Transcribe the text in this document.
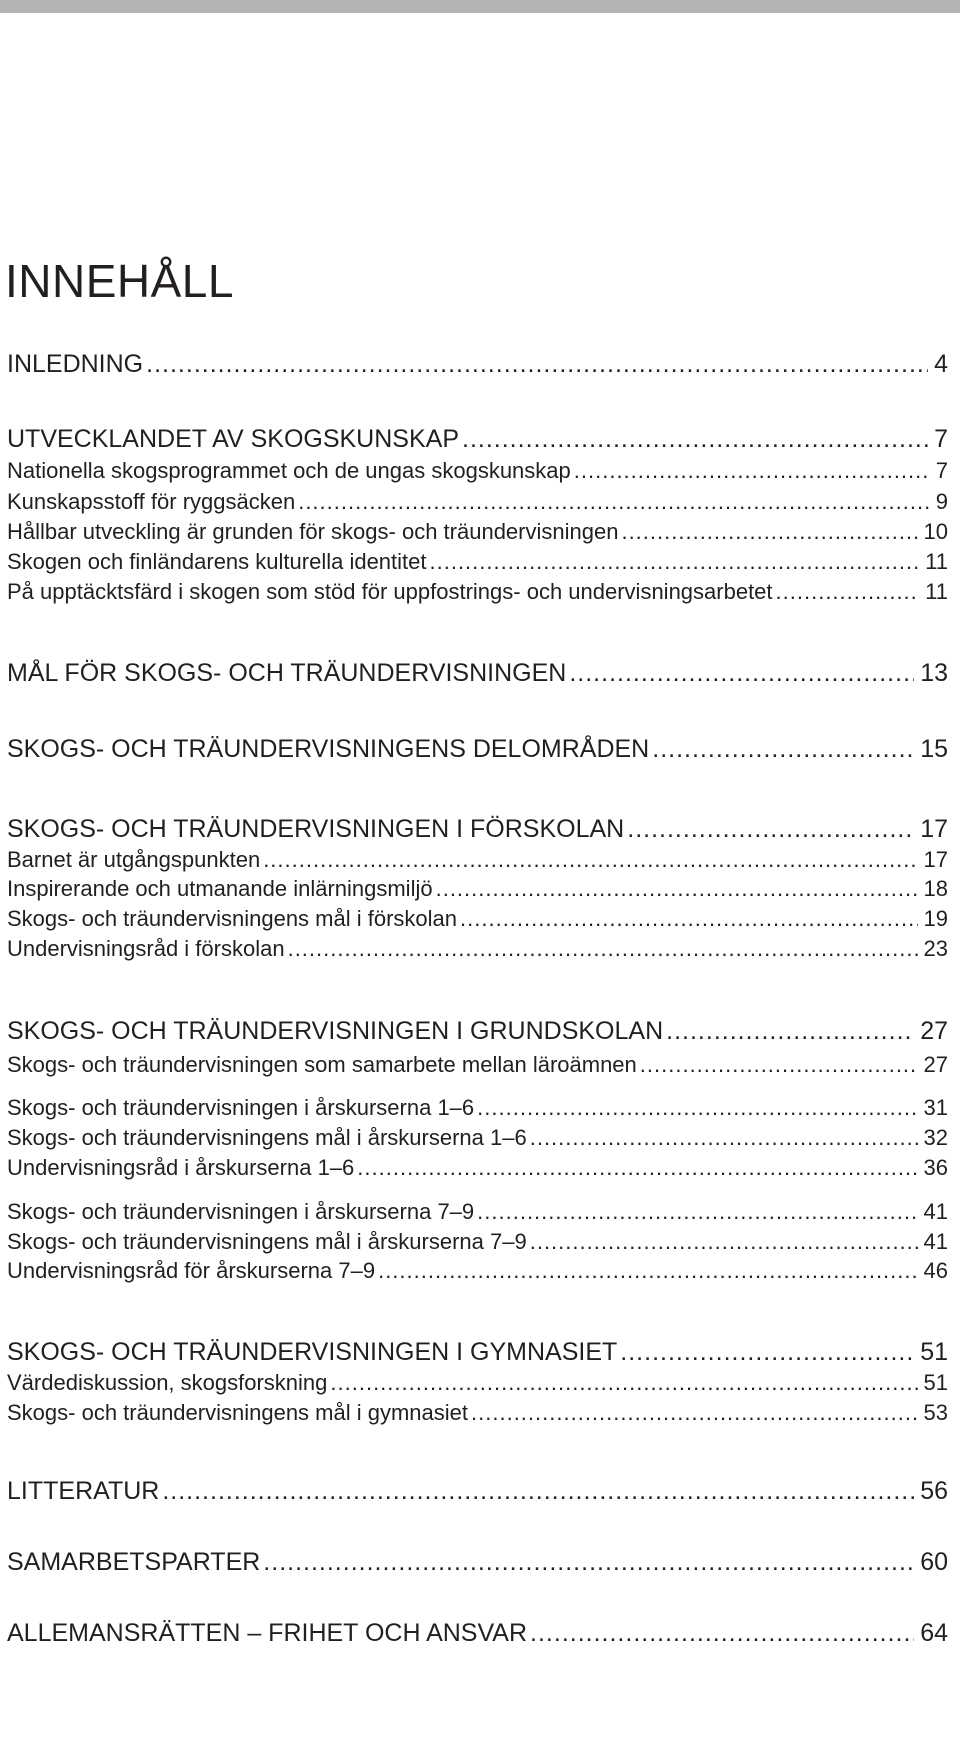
INNEHÅLL
INLEDNING .....	4
UTVECKLANDET AV SKOGSKUNSKAP .....	7
Nationella skogsprogrammet och de ungas skogskunskap .....	7
Kunskapsstoff för ryggsäcken .....	9
Hållbar utveckling är grunden för skogs- och träundervisningen .....	10
Skogen och finländarens kulturella identitet .....	11
På upptäcktsfärd i skogen som stöd för uppfostrings- och undervisningsarbetet .....	11
MÅL FÖR SKOGS- OCH TRÄUNDERVISNINGEN .....	13
SKOGS- OCH TRÄUNDERVISNINGENS DELOMRÅDEN .....	15
SKOGS- OCH TRÄUNDERVISNINGEN I FÖRSKOLAN .....	17
Barnet är utgångspunkten .....	17
Inspirerande och utmanande inlärningsmiljö .....	18
Skogs- och träundervisningens mål i förskolan .....	19
Undervisningsråd i förskolan .....	23
SKOGS- OCH TRÄUNDERVISNINGEN I GRUNDSKOLAN .....	27
Skogs- och träundervisningen som samarbete mellan läroämnen .....	27
Skogs- och träundervisningen i årskurserna 1–6 .....	31
Skogs- och träundervisningens mål i årskurserna 1–6 .....	32
Undervisningsråd i årskurserna 1–6 .....	36
Skogs- och träundervisningen i årskurserna 7–9 .....	41
Skogs- och träundervisningens mål i årskurserna 7–9 .....	41
Undervisningsråd för årskurserna 7–9 .....	46
SKOGS- OCH TRÄUNDERVISNINGEN I GYMNASIET .....	51
Värdediskussion, skogsforskning .....	51
Skogs- och träundervisningens mål i gymnasiet .....	53
LITTERATUR .....	56
SAMARBETSPARTER .....	60
ALLEMANSRÄTTEN – FRIHET OCH ANSVAR .....	64
